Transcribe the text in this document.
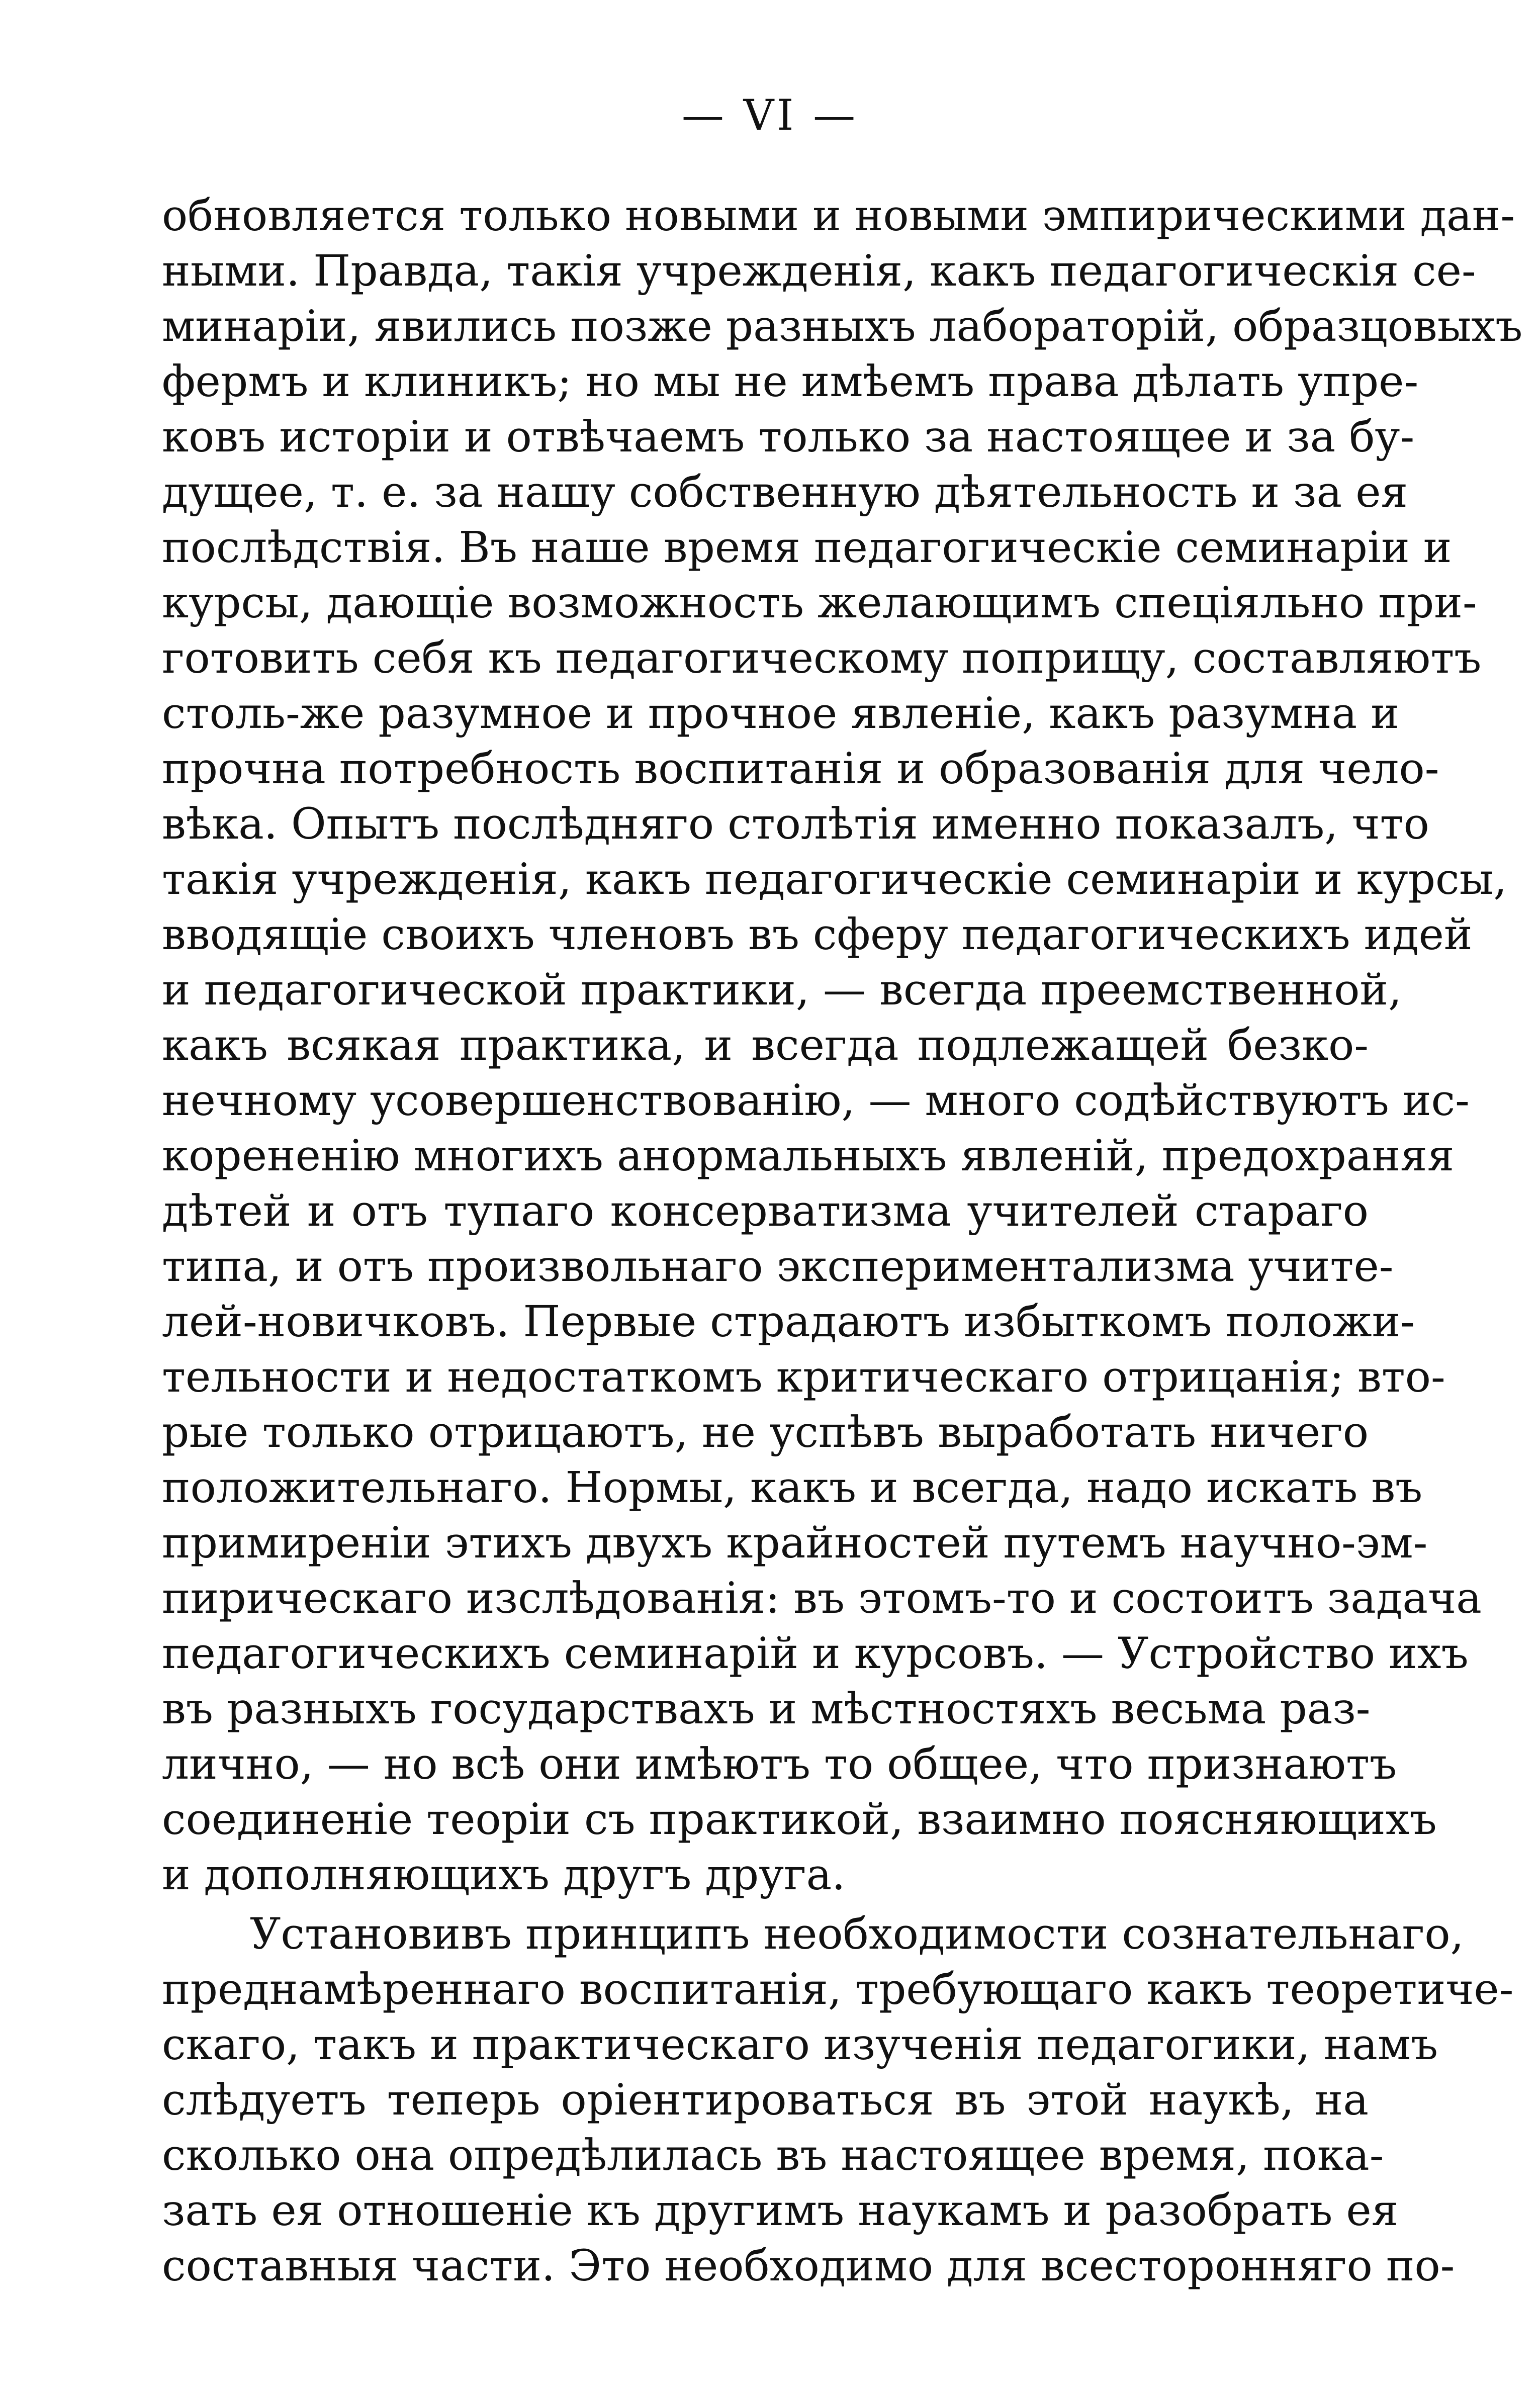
— VI —
обновляется только новыми и новыми эмпирическими дан-
ными. Правда, такія учрежденія, какъ педагогическія се-
минаріи, явились позже разныхъ лабораторій, образцовыхъ
фермъ и клиникъ; но мы не имѣемъ права дѣлать упре-
ковъ исторіи и отвѣчаемъ только за настоящее и за бу-
дущее, т. е. за нашу собственную дѣятельность и за ея
послѣдствія. Въ наше время педагогическіе семинаріи и
курсы, дающіе возможность желающимъ спеціяльно при-
готовить себя къ педагогическому поприщу, составляютъ
столь-же разумное и прочное явленіе, какъ разумна и
прочна потребность воспитанія и образованія для чело-
вѣка. Опытъ послѣдняго столѣтія именно показалъ, что
такія учрежденія, какъ педагогическіе семинаріи и курсы,
вводящіе своихъ членовъ въ сферу педагогическихъ идей
и педагогической практики, — всегда преемственной,
какъ всякая практика, и всегда подлежащей безко-
нечному усовершенствованію, — много содѣйствуютъ ис-
корененію многихъ анормальныхъ явленій, предохраняя
дѣтей и отъ тупаго консерватизма учителей стараго
типа, и отъ произвольнаго экспериментализма учите-
лей-новичковъ. Первые страдаютъ избыткомъ положи-
тельности и недостаткомъ критическаго отрицанія; вто-
рые только отрицаютъ, не успѣвъ выработать ничего
положительнаго. Нормы, какъ и всегда, надо искать въ
примиреніи этихъ двухъ крайностей путемъ научно-эм-
пирическаго изслѣдованія: въ этомъ-то и состоитъ задача
педагогическихъ семинарій и курсовъ. — Устройство ихъ
въ разныхъ государствахъ и мѣстностяхъ весьма раз-
лично, — но всѣ они имѣютъ то общее, что признаютъ
соединеніе теоріи съ практикой, взаимно поясняющихъ
и дополняющихъ другъ друга.
Установивъ принципъ необходимости сознательнаго,
преднамѣреннаго воспитанія, требующаго какъ теоретиче-
скаго, такъ и практическаго изученія педагогики, намъ
слѣдуетъ теперь оріентироваться въ этой наукѣ, на
сколько она опредѣлилась въ настоящее время, пока-
зать ея отношеніе къ другимъ наукамъ и разобрать ея
составныя части. Это необходимо для всесторонняго по-
